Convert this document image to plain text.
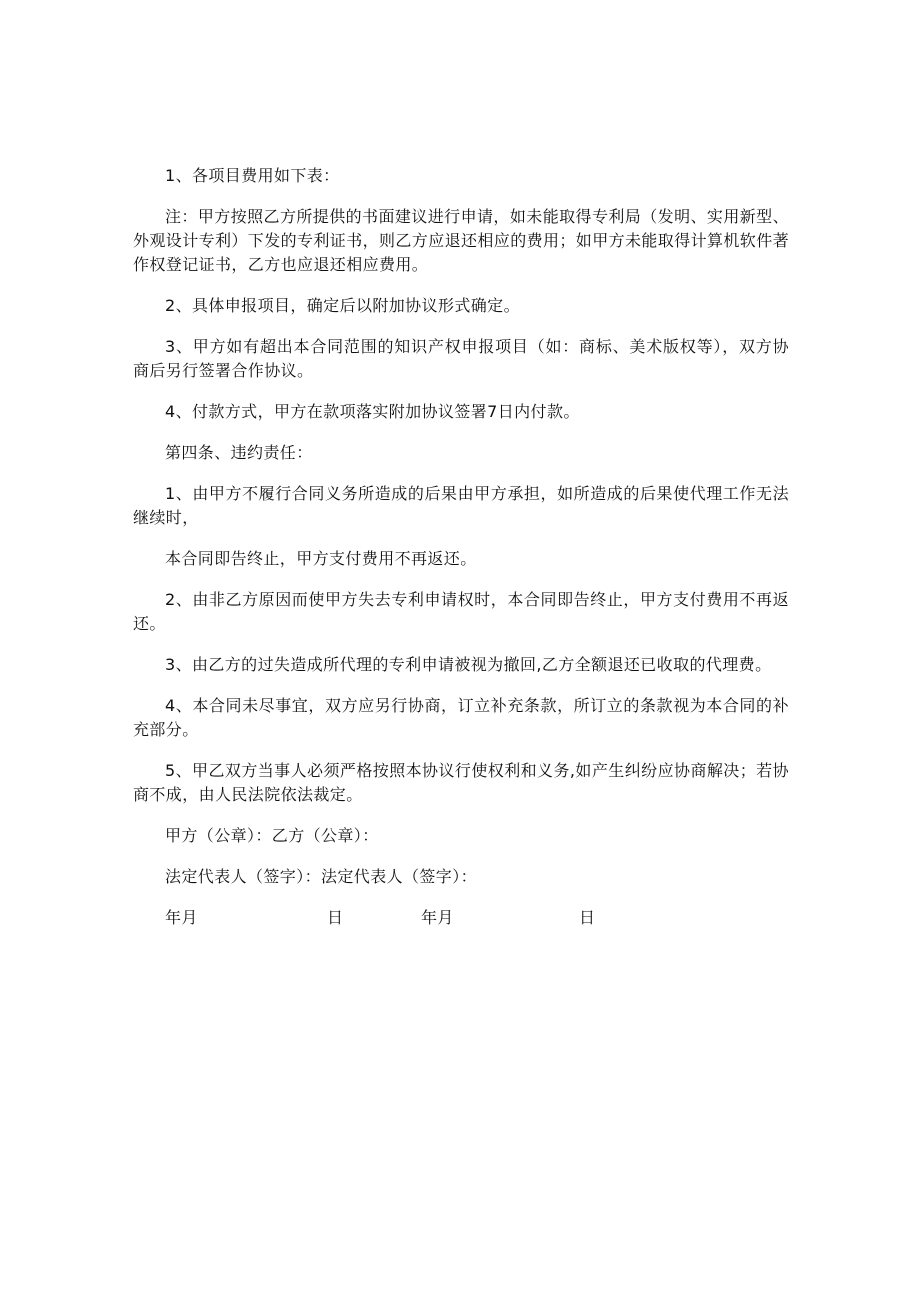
1、各项目费用如下表：

注：甲方按照乙方所提供的书面建议进行申请，如未能取得专利局（发明、实用新型、外观设计专利）下发的专利证书，则乙方应退还相应的费用；如甲方未能取得计算机软件著作权登记证书，乙方也应退还相应费用。

2、具体申报项目，确定后以附加协议形式确定。

3、甲方如有超出本合同范围的知识产权申报项目（如：商标、美术版权等），双方协商后另行签署合作协议。

4、付款方式，甲方在款项落实附加协议签署7日内付款。

第四条、违约责任：

1、由甲方不履行合同义务所造成的后果由甲方承担，如所造成的后果使代理工作无法继续时，

本合同即告终止，甲方支付费用不再返还。

2、由非乙方原因而使甲方失去专利申请权时，本合同即告终止，甲方支付费用不再返还。

3、由乙方的过失造成所代理的专利申请被视为撤回,乙方全额退还已收取的代理费。

4、本合同未尽事宜，双方应另行协商，订立补充条款，所订立的条款视为本合同的补充部分。

5、甲乙双方当事人必须严格按照本协议行使权利和义务,如产生纠纷应协商解决；若协商不成，由人民法院依法裁定。

甲方（公章）：乙方（公章）：
法定代表人（签字）：法定代表人（签字）：
年月	日	年月	日
